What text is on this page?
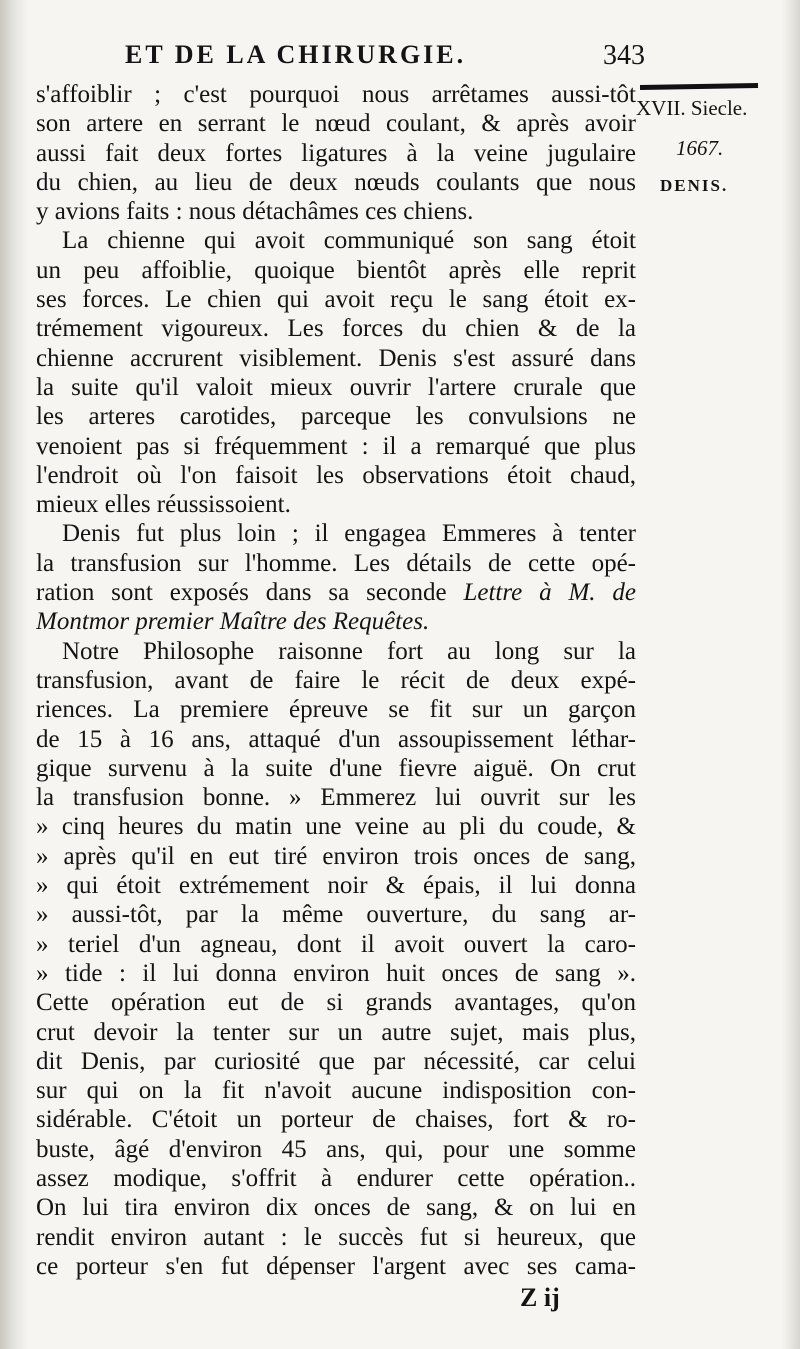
ET DE LA CHIRURGIE.	343
XVII. Siecle.
1667.
DENIS.
s'affoiblir ; c'est pourquoi nous arrêtames aussi-tôt
son artere en serrant le nœud coulant, & après avoir
aussi fait deux fortes ligatures à la veine jugulaire
du chien, au lieu de deux nœuds coulants que nous
y avions faits : nous détachâmes ces chiens.
La chienne qui avoit communiqué son sang étoit
un peu affoiblie, quoique bientôt après elle reprit
ses forces. Le chien qui avoit reçu le sang étoit ex-
trémement vigoureux. Les forces du chien & de la
chienne accrurent visiblement. Denis s'est assuré dans
la suite qu'il valoit mieux ouvrir l'artere crurale que
les arteres carotides, parceque les convulsions ne
venoient pas si fréquemment : il a remarqué que plus
l'endroit où l'on faisoit les observations étoit chaud,
mieux elles réussissoient.
Denis fut plus loin ; il engagea Emmeres à tenter
la transfusion sur l'homme. Les détails de cette opé-
ration sont exposés dans sa seconde Lettre à M. de
Montmor premier Maître des Requêtes.
Notre Philosophe raisonne fort au long sur la
transfusion, avant de faire le récit de deux expé-
riences. La premiere épreuve se fit sur un garçon
de 15 à 16 ans, attaqué d'un assoupissement léthar-
gique survenu à la suite d'une fievre aiguë. On crut
la transfusion bonne. » Emmerez lui ouvrit sur les
» cinq heures du matin une veine au pli du coude, &
» après qu'il en eut tiré environ trois onces de sang,
» qui étoit extrémement noir & épais, il lui donna
» aussi-tôt, par la même ouverture, du sang ar-
» teriel d'un agneau, dont il avoit ouvert la caro-
» tide : il lui donna environ huit onces de sang ».
Cette opération eut de si grands avantages, qu'on
crut devoir la tenter sur un autre sujet, mais plus,
dit Denis, par curiosité que par nécessité, car celui
sur qui on la fit n'avoit aucune indisposition con-
sidérable. C'étoit un porteur de chaises, fort & ro-
buste, âgé d'environ 45 ans, qui, pour une somme
assez modique, s'offrit à endurer cette opération..
On lui tira environ dix onces de sang, & on lui en
rendit environ autant : le succès fut si heureux, que
ce porteur s'en fut dépenser l'argent avec ses cama-
Z ij
